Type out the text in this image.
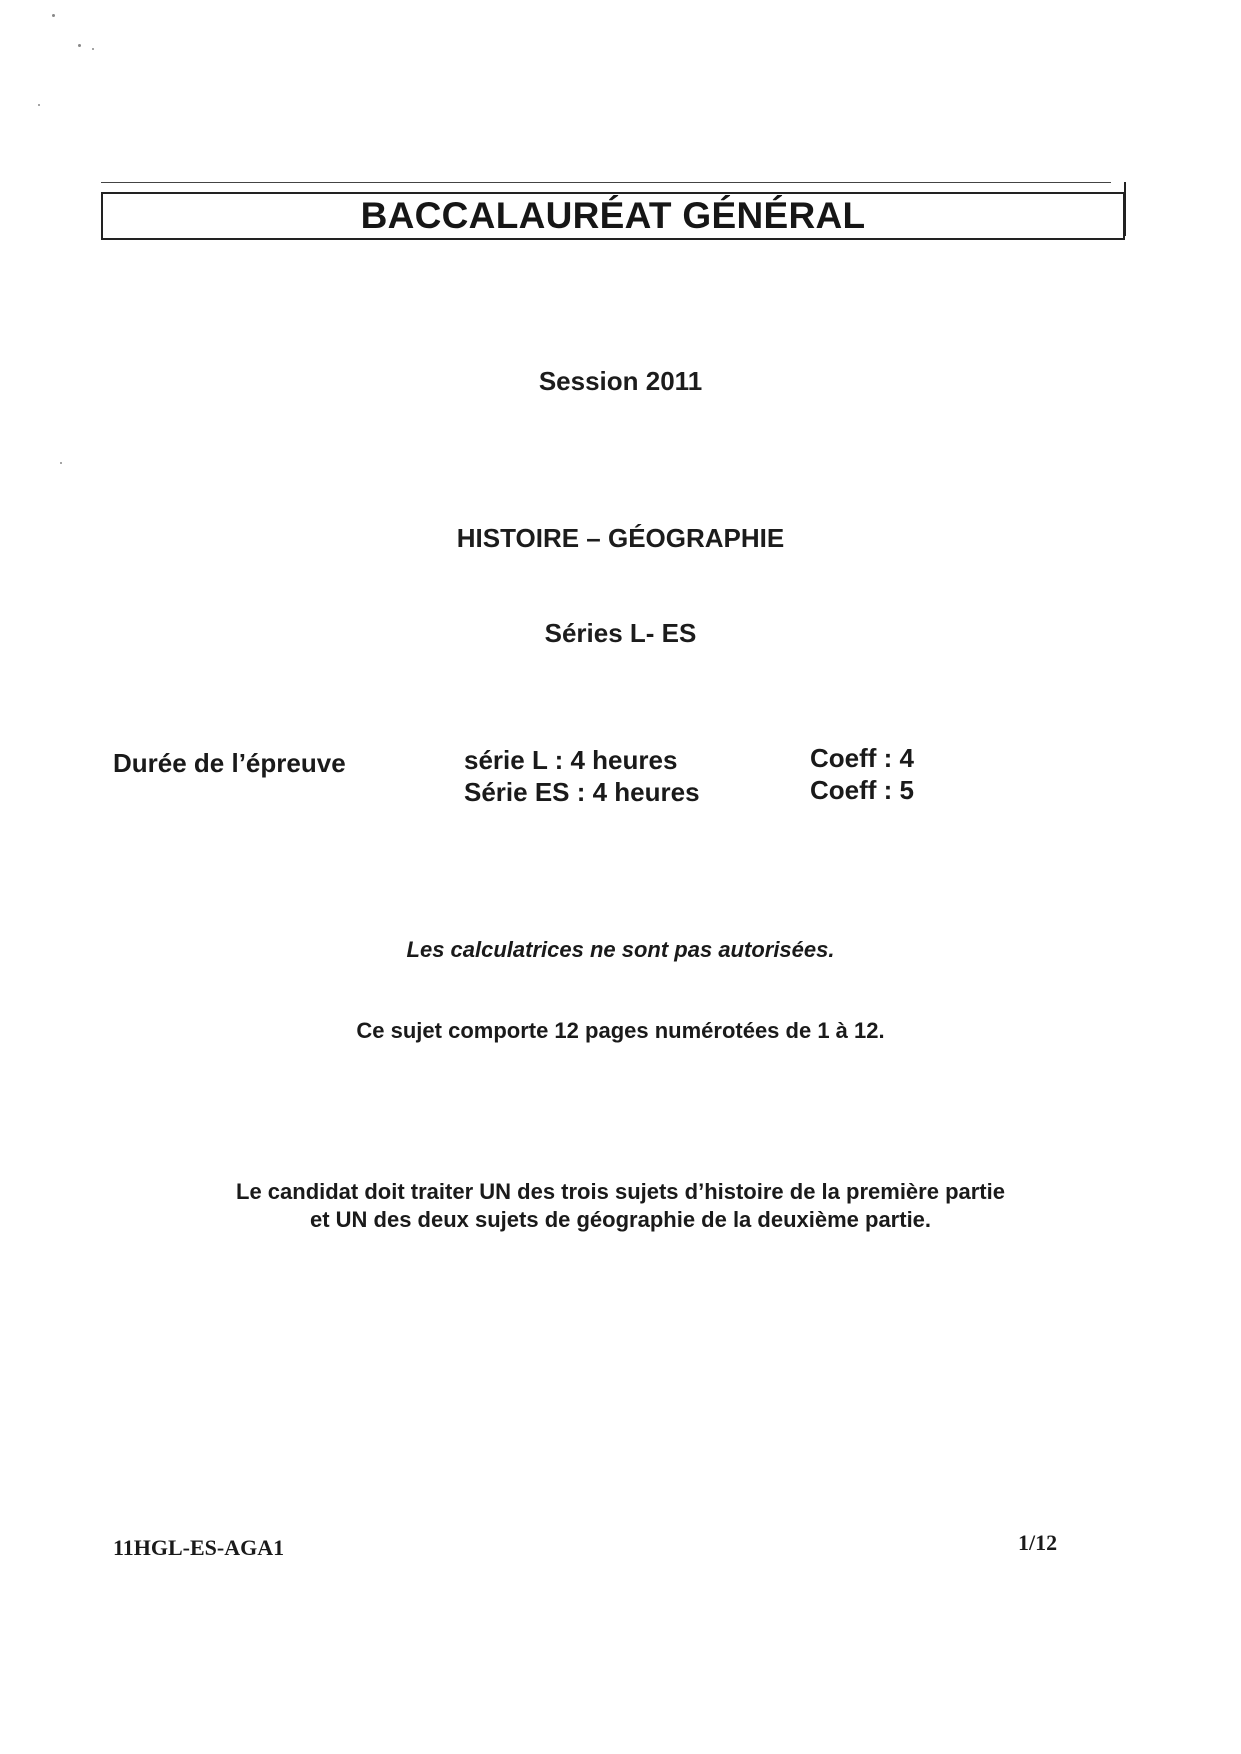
BACCALAURÉAT GÉNÉRAL
Session 2011
HISTOIRE – GÉOGRAPHIE
Séries L- ES
Durée de l’épreuve	série L : 4 heures
Série ES : 4 heures
Coeff : 4
Coeff : 5
Les calculatrices ne sont pas autorisées.
Ce sujet comporte 12 pages numérotées de 1 à 12.
Le candidat doit traiter UN des trois sujets d’histoire de la première partie
et UN des deux sujets de géographie de la deuxième partie.
11HGL-ES-AGA1	1/12
